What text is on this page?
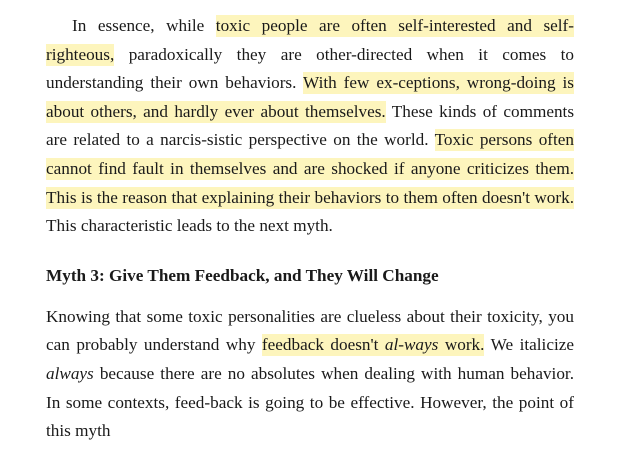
In essence, while toxic people are often self-interested and self-righteous, paradoxically they are other-directed when it comes to understanding their own behaviors. With few ex-ceptions, wrong-doing is about others, and hardly ever about themselves. These kinds of comments are related to a narcis-sistic perspective on the world. Toxic persons often cannot find fault in themselves and are shocked if anyone criticizes them. This is the reason that explaining their behaviors to them often doesn't work. This characteristic leads to the next myth.

Myth 3: Give Them Feedback, and They Will Change

Knowing that some toxic personalities are clueless about their toxicity, you can probably understand why feedback doesn't al-ways work. We italicize always because there are no absolutes when dealing with human behavior. In some contexts, feed-back is going to be effective. However, the point of this myth
